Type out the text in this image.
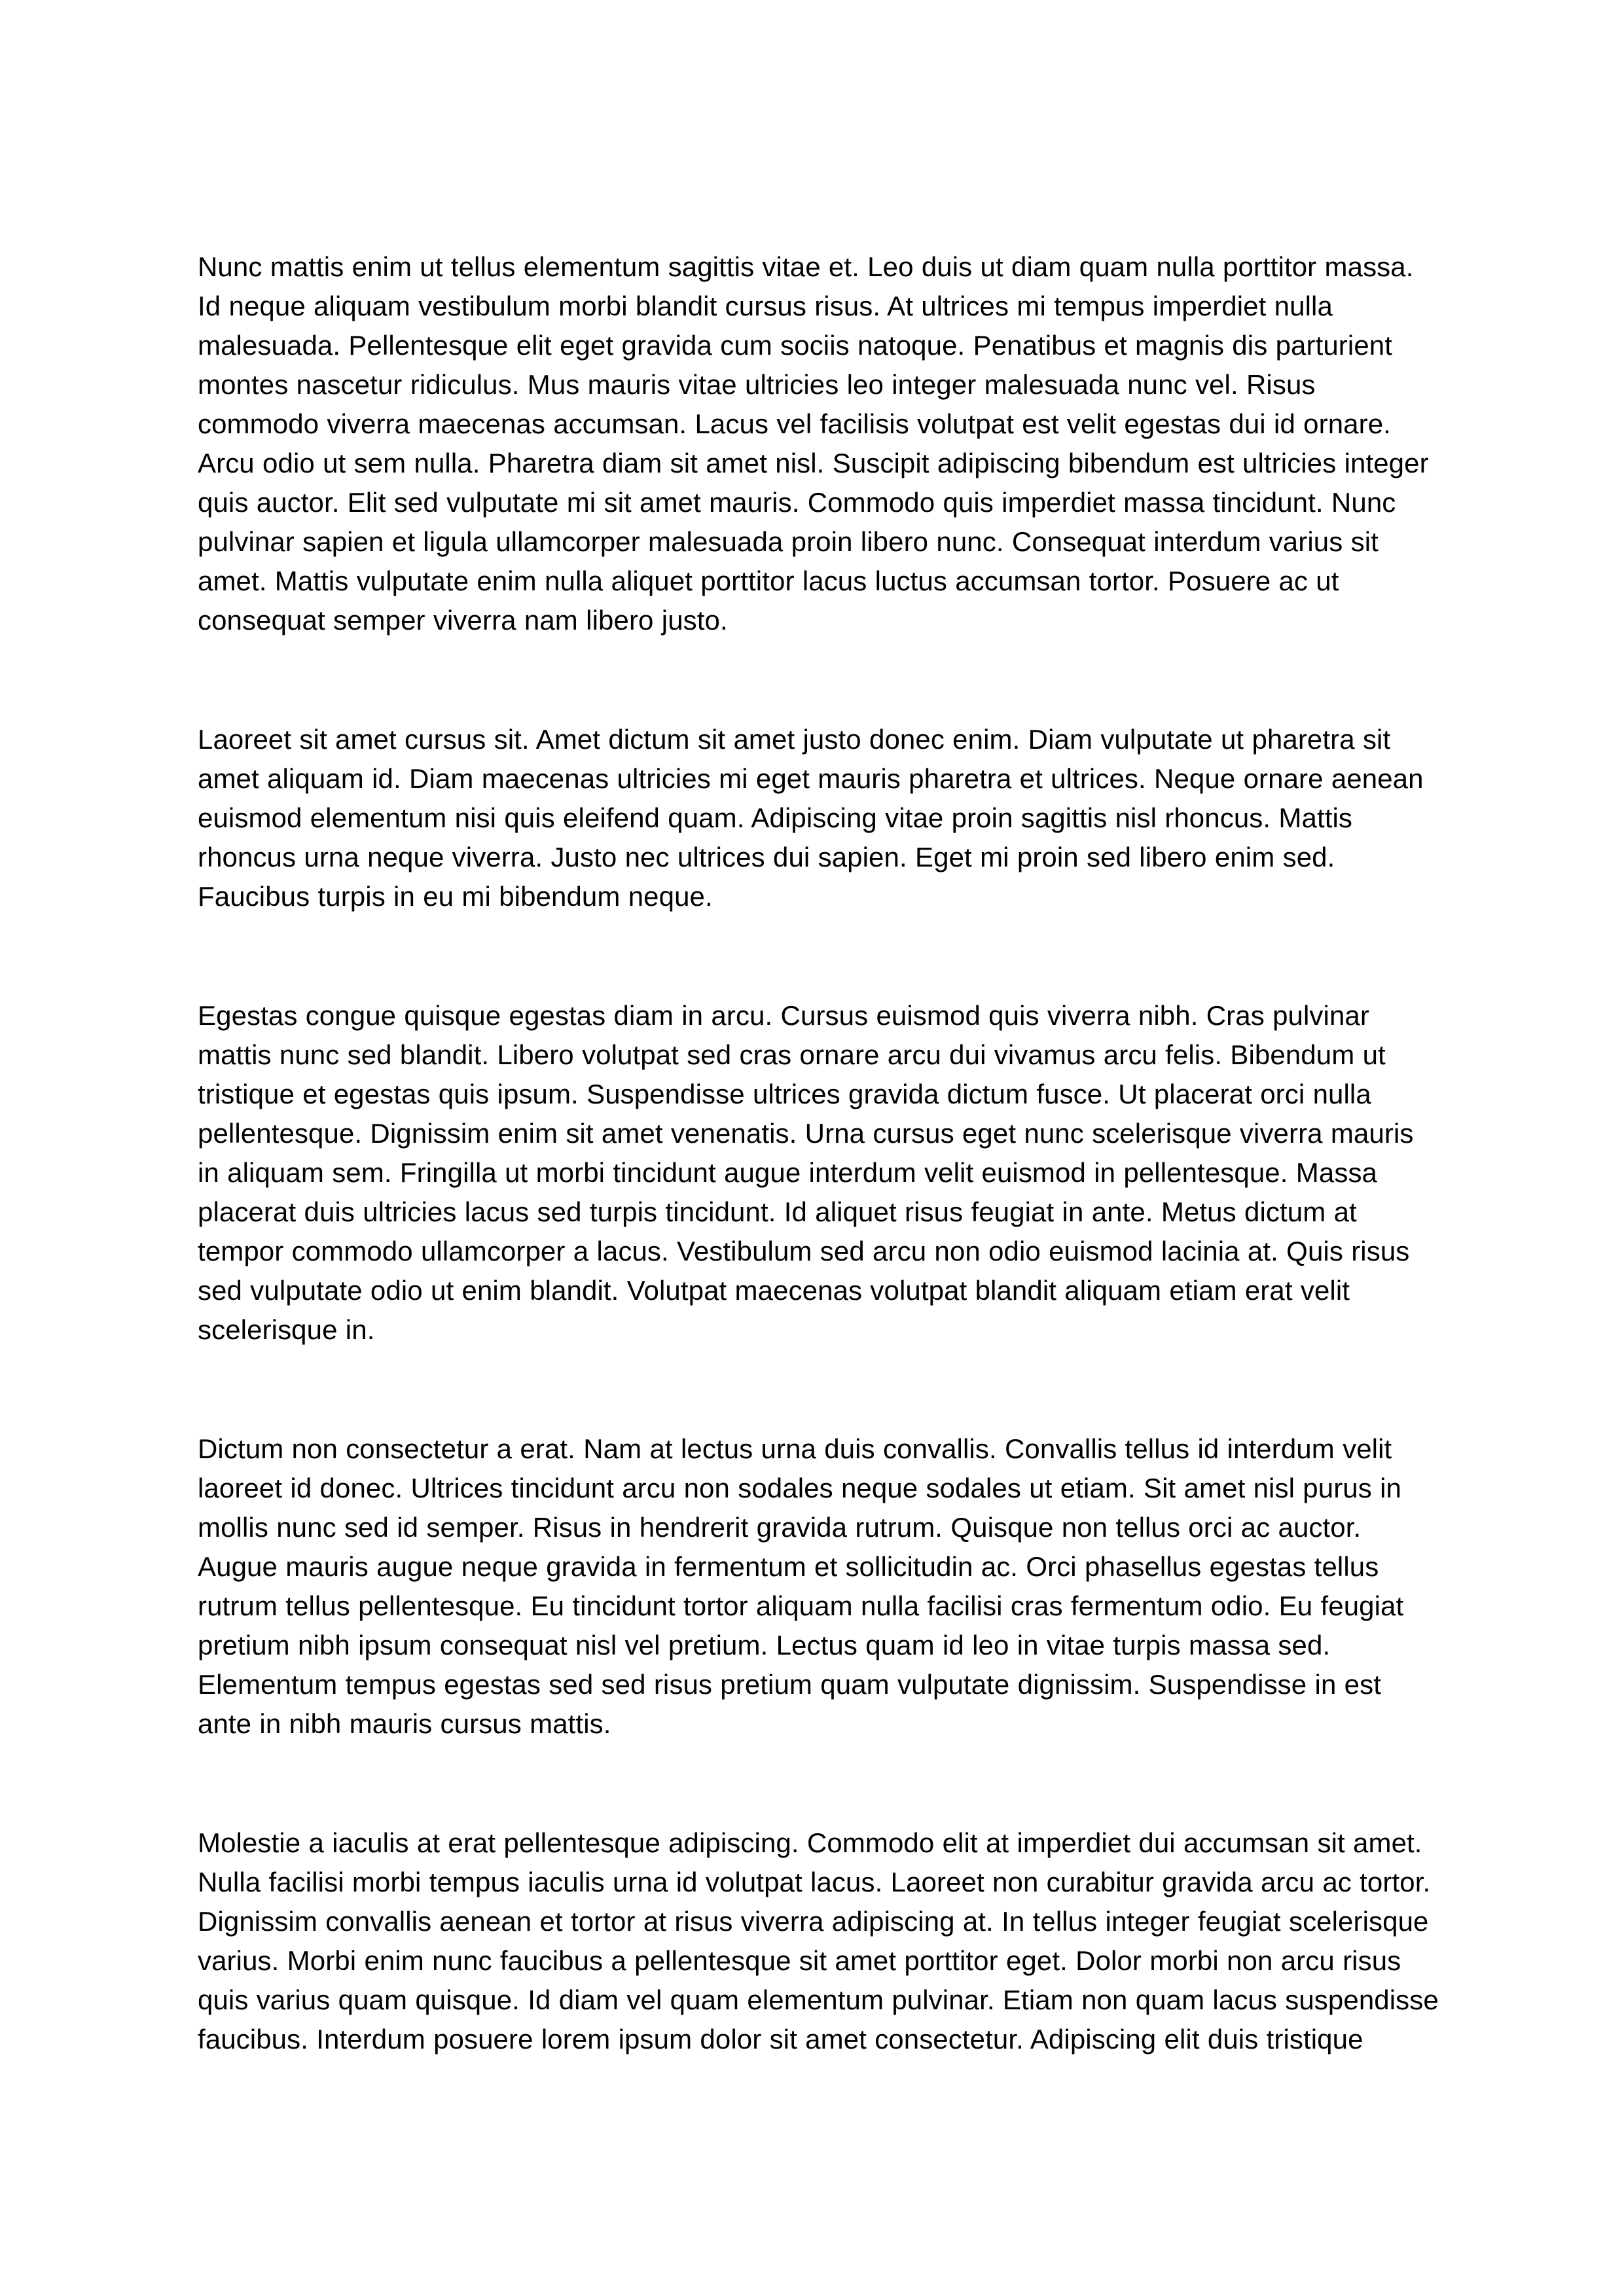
Nunc mattis enim ut tellus elementum sagittis vitae et. Leo duis ut diam quam nulla porttitor massa. Id neque aliquam vestibulum morbi blandit cursus risus. At ultrices mi tempus imperdiet nulla malesuada. Pellentesque elit eget gravida cum sociis natoque. Penatibus et magnis dis parturient montes nascetur ridiculus. Mus mauris vitae ultricies leo integer malesuada nunc vel. Risus commodo viverra maecenas accumsan. Lacus vel facilisis volutpat est velit egestas dui id ornare. Arcu odio ut sem nulla. Pharetra diam sit amet nisl. Suscipit adipiscing bibendum est ultricies integer quis auctor. Elit sed vulputate mi sit amet mauris. Commodo quis imperdiet massa tincidunt. Nunc pulvinar sapien et ligula ullamcorper malesuada proin libero nunc. Consequat interdum varius sit amet. Mattis vulputate enim nulla aliquet porttitor lacus luctus accumsan tortor. Posuere ac ut consequat semper viverra nam libero justo.

Laoreet sit amet cursus sit. Amet dictum sit amet justo donec enim. Diam vulputate ut pharetra sit amet aliquam id. Diam maecenas ultricies mi eget mauris pharetra et ultrices. Neque ornare aenean euismod elementum nisi quis eleifend quam. Adipiscing vitae proin sagittis nisl rhoncus. Mattis rhoncus urna neque viverra. Justo nec ultrices dui sapien. Eget mi proin sed libero enim sed. Faucibus turpis in eu mi bibendum neque.

Egestas congue quisque egestas diam in arcu. Cursus euismod quis viverra nibh. Cras pulvinar mattis nunc sed blandit. Libero volutpat sed cras ornare arcu dui vivamus arcu felis. Bibendum ut tristique et egestas quis ipsum. Suspendisse ultrices gravida dictum fusce. Ut placerat orci nulla pellentesque. Dignissim enim sit amet venenatis. Urna cursus eget nunc scelerisque viverra mauris in aliquam sem. Fringilla ut morbi tincidunt augue interdum velit euismod in pellentesque. Massa placerat duis ultricies lacus sed turpis tincidunt. Id aliquet risus feugiat in ante. Metus dictum at tempor commodo ullamcorper a lacus. Vestibulum sed arcu non odio euismod lacinia at. Quis risus sed vulputate odio ut enim blandit. Volutpat maecenas volutpat blandit aliquam etiam erat velit scelerisque in.

Dictum non consectetur a erat. Nam at lectus urna duis convallis. Convallis tellus id interdum velit laoreet id donec. Ultrices tincidunt arcu non sodales neque sodales ut etiam. Sit amet nisl purus in mollis nunc sed id semper. Risus in hendrerit gravida rutrum. Quisque non tellus orci ac auctor. Augue mauris augue neque gravida in fermentum et sollicitudin ac. Orci phasellus egestas tellus rutrum tellus pellentesque. Eu tincidunt tortor aliquam nulla facilisi cras fermentum odio. Eu feugiat pretium nibh ipsum consequat nisl vel pretium. Lectus quam id leo in vitae turpis massa sed. Elementum tempus egestas sed sed risus pretium quam vulputate dignissim. Suspendisse in est ante in nibh mauris cursus mattis.

Molestie a iaculis at erat pellentesque adipiscing. Commodo elit at imperdiet dui accumsan sit amet. Nulla facilisi morbi tempus iaculis urna id volutpat lacus. Laoreet non curabitur gravida arcu ac tortor. Dignissim convallis aenean et tortor at risus viverra adipiscing at. In tellus integer feugiat scelerisque varius. Morbi enim nunc faucibus a pellentesque sit amet porttitor eget. Dolor morbi non arcu risus quis varius quam quisque. Id diam vel quam elementum pulvinar. Etiam non quam lacus suspendisse faucibus. Interdum posuere lorem ipsum dolor sit amet consectetur. Adipiscing elit duis tristique
